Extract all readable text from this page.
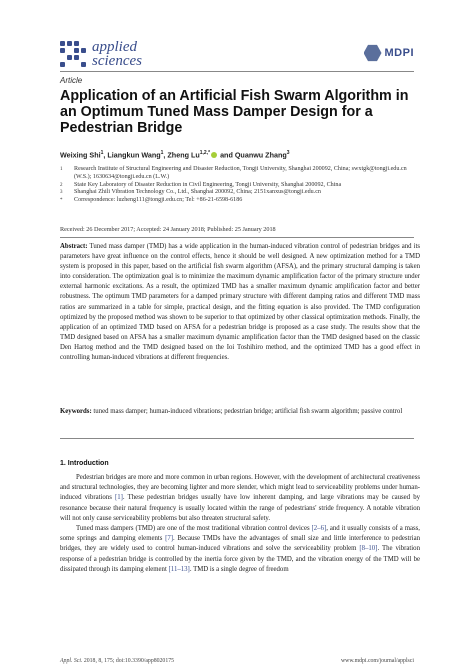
applied
sciences	MDPI
Article
Application of an Artificial Fish Swarm Algorithm in an Optimum Tuned Mass Damper Design for a Pedestrian Bridge
Weixing Shi$^1$, Liangkun Wang$^1$, Zheng $Lu^{1,2,*}$ and Quanwu Zhang$^3$
1	Research Institute of Structural Engineering and Disaster Reduction, Tongji University, Shanghai 200092, China; swxtgk@tongji.edu.cn (W.S.); 1630634@tongji.edu.cn (L.W.)
2	State Key Laboratory of Disaster Reduction in Civil Engineering, Tongji University, Shanghai 200092, China
3	Shanghai Zhili Vibration Technology Co., Ltd., Shanghai 200092, China; 2151xanxus@tongji.edu.cn
*	Correspondence: luzheng111@tongji.edu.cn; Tel: +86-21-6598-6186
Received: 26 December 2017; Accepted: 24 January 2018; Published: 25 January 2018
Abstract: Tuned mass damper (TMD) has a wide application in the human-induced vibration control of pedestrian bridges and its parameters have great influence on the control effects, hence it should be well designed. A new optimization method for a TMD system is proposed in this paper, based on the artificial fish swarm algorithm (AFSA), and the primary structural damping is taken into consideration. The optimization goal is to minimize the maximum dynamic amplification factor of the primary structure under external harmonic excitations. As a result, the optimized TMD has a smaller maximum dynamic amplification factor and better robustness. The optimum TMD parameters for a damped primary structure with different damping ratios and different TMD mass ratios are summarized in a table for simple, practical design, and the fitting equation is also provided. The TMD configuration optimized by the proposed method was shown to be superior to that optimized by other classical optimization methods. Finally, the application of an optimized TMD based on AFSA for a pedestrian bridge is proposed as a case study. The results show that the TMD designed based on AFSA has a smaller maximum dynamic amplification factor than the TMD designed based on the classic Den Hartog method and the TMD designed based on the Ioi Toshihiro method, and the optimized TMD has a good effect in controlling human-induced vibrations at different frequencies.
Keywords: tuned mass damper; human-induced vibrations; pedestrian bridge; artificial fish swarm algorithm; passive control
1. Introduction

Pedestrian bridges are more and more common in urban regions. However, with the development of architectural creativeness and structural technologies, they are becoming lighter and more slender, which might lead to serviceability problems under human-induced vibrations [1]. These pedestrian bridges usually have low inherent damping, and large vibrations may be caused by resonance because their natural frequency is usually located within the range of pedestrians' stride frequency. A notable vibration will not only cause serviceability problems but also threaten structural safety.

Tuned mass dampers (TMD) are one of the most traditional vibration control devices [2–6], and it usually consists of a mass, some springs and damping elements [7]. Because TMDs have the advantages of small size and little interference to pedestrian bridges, they are widely used to control human-induced vibrations and solve the serviceability problem [8–10]. The vibration response of a pedestrian bridge is controlled by the inertia force given by the TMD, and the vibration energy of the TMD will be dissipated through its damping element [11–13]. TMD is a single degree of freedom

Appl. Sci. 2018, 8, 175; doi:10.3390/app8020175	www.mdpi.com/journal/applsci
